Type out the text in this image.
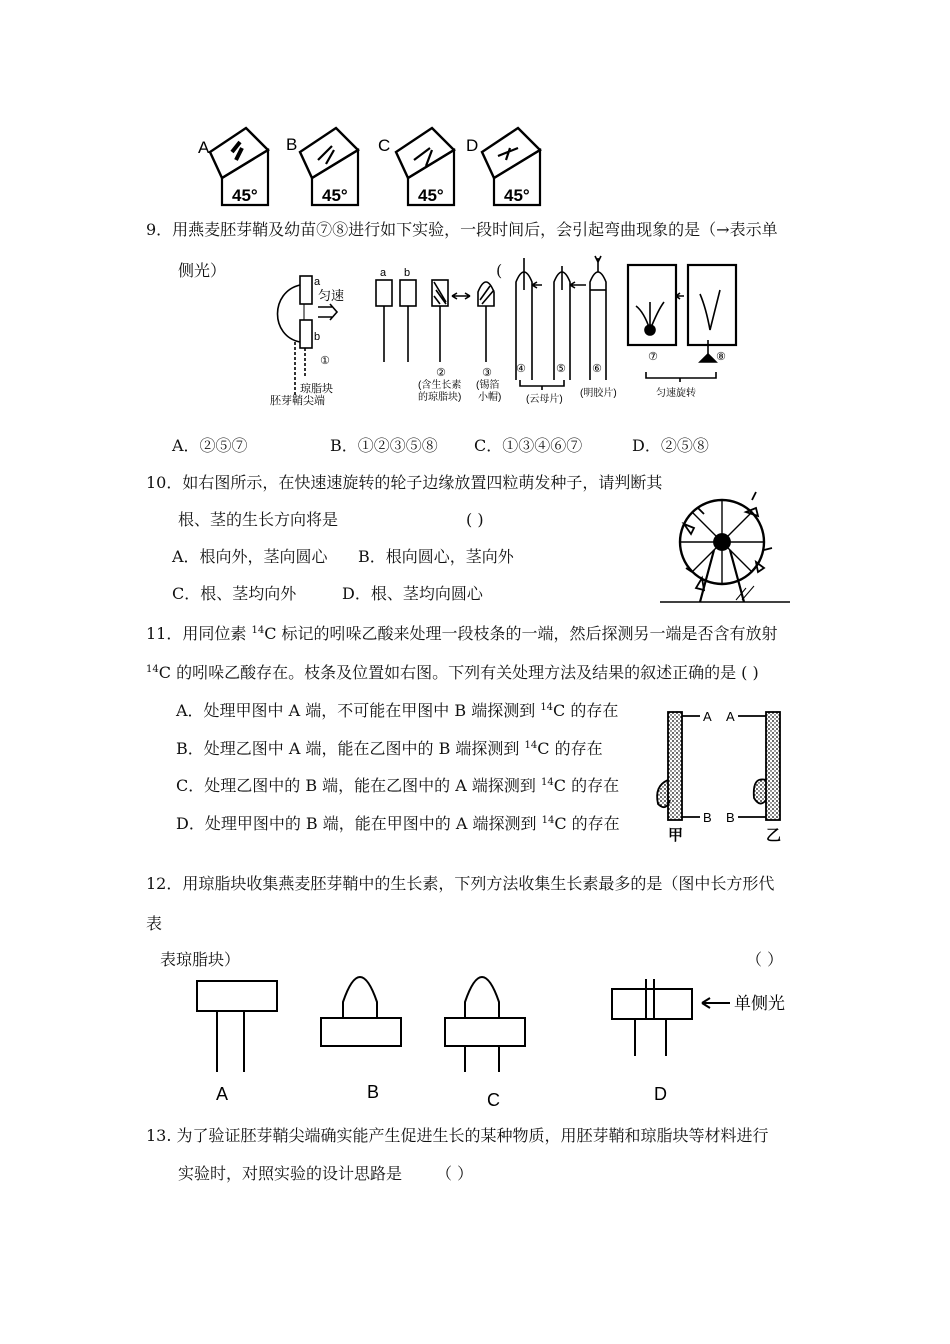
A	B	C	D
45°	45°	45°	45°
9．用燕麦胚芽鞘及幼苗⑦⑧进行如下实验，一段时间后，会引起弯曲现象的是（→表示单
侧光）	(
a
b
匀速
①
琼脂块
胚芽鞘尖端
a b
②
(含生长素
的琼脂块)
③
(锡箔
小帽)
④	⑤ ⑥
⑦	⑧
(云母片)
(明胶片)	匀速旋转
A．②⑤⑦	B．①②③⑤⑧ C．①③④⑥⑦	D．②⑤⑧
10．如右图所示，在快速速旋转的轮子边缘放置四粒萌发种子，请判断其
根、茎的生长方向将是	( )
A．根向外，茎向圆心 B．根向圆心，茎向外
C．根、茎均向外	D．根、茎均向圆心
11．用同位素 $^{14}$C 标记的吲哚乙酸来处理一段枝条的一端，然后探测另一端是否含有放射
$^{14}$C 的吲哚乙酸存在。枝条及位置如右图。下列有关处理方法及结果的叙述正确的是 ( )
A．处理甲图中 A 端，不可能在甲图中 B 端探测到 $^{14}$C 的存在
B．处理乙图中 A 端，能在乙图中的 B 端探测到 $^{14}$C 的存在
C．处理乙图中的 B 端，能在乙图中的 A 端探测到 $^{14}$C 的存在
D．处理甲图中的 B 端，能在甲图中的 A 端探测到 $^{14}$C 的存在
A
B
A
B
甲	乙
12．用琼脂块收集燕麦胚芽鞘中的生长素，下列方法收集生长素最多的是（图中长方形代
表
表琼脂块）	（ ）
A	B	C	D
单侧光
13. 为了验证胚芽鞘尖端确实能产生促进生长的某种物质，用胚芽鞘和琼脂块等材料进行
实验时，对照实验的设计思路是 （ ）
